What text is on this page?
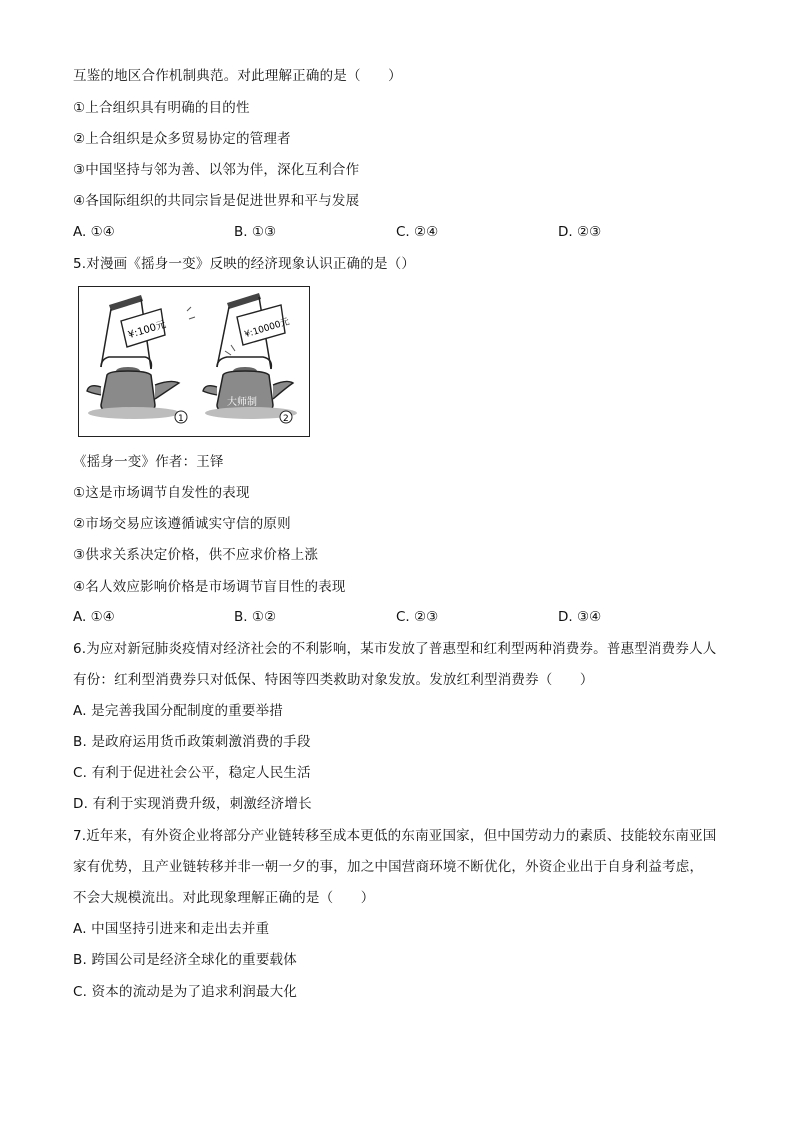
互鉴的地区合作机制典范。对此理解正确的是（　　）
①上合组织具有明确的目的性
②上合组织是众多贸易协定的管理者
③中国坚持与邻为善、以邻为伴，深化互利合作
④各国际组织的共同宗旨是促进世界和平与发展
A. ①④	B. ①③	C. ②④	D. ②③
5.对漫画《摇身一变》反映的经济现象认识正确的是（）
¥:100元
1
大师制
¥:10000元
2
《摇身一变》作者：王铎
①这是市场调节自发性的表现
②市场交易应该遵循诚实守信的原则
③供求关系决定价格，供不应求价格上涨
④名人效应影响价格是市场调节盲目性的表现
A. ①④	B. ①②	C. ②③	D. ③④
6.为应对新冠肺炎疫情对经济社会的不利影响，某市发放了普惠型和红利型两种消费券。普惠型消费券人人
有份：红利型消费券只对低保、特困等四类救助对象发放。发放红利型消费券（　　）
A. 是完善我国分配制度的重要举措
B. 是政府运用货币政策刺激消费的手段
C. 有利于促进社会公平，稳定人民生活
D. 有利于实现消费升级，刺激经济增长
7.近年来，有外资企业将部分产业链转移至成本更低的东南亚国家，但中国劳动力的素质、技能较东南亚国
家有优势，且产业链转移并非一朝一夕的事，加之中国营商环境不断优化，外资企业出于自身利益考虑，
不会大规模流出。对此现象理解正确的是（　　）
A. 中国坚持引进来和走出去并重
B. 跨国公司是经济全球化的重要载体
C. 资本的流动是为了追求利润最大化
